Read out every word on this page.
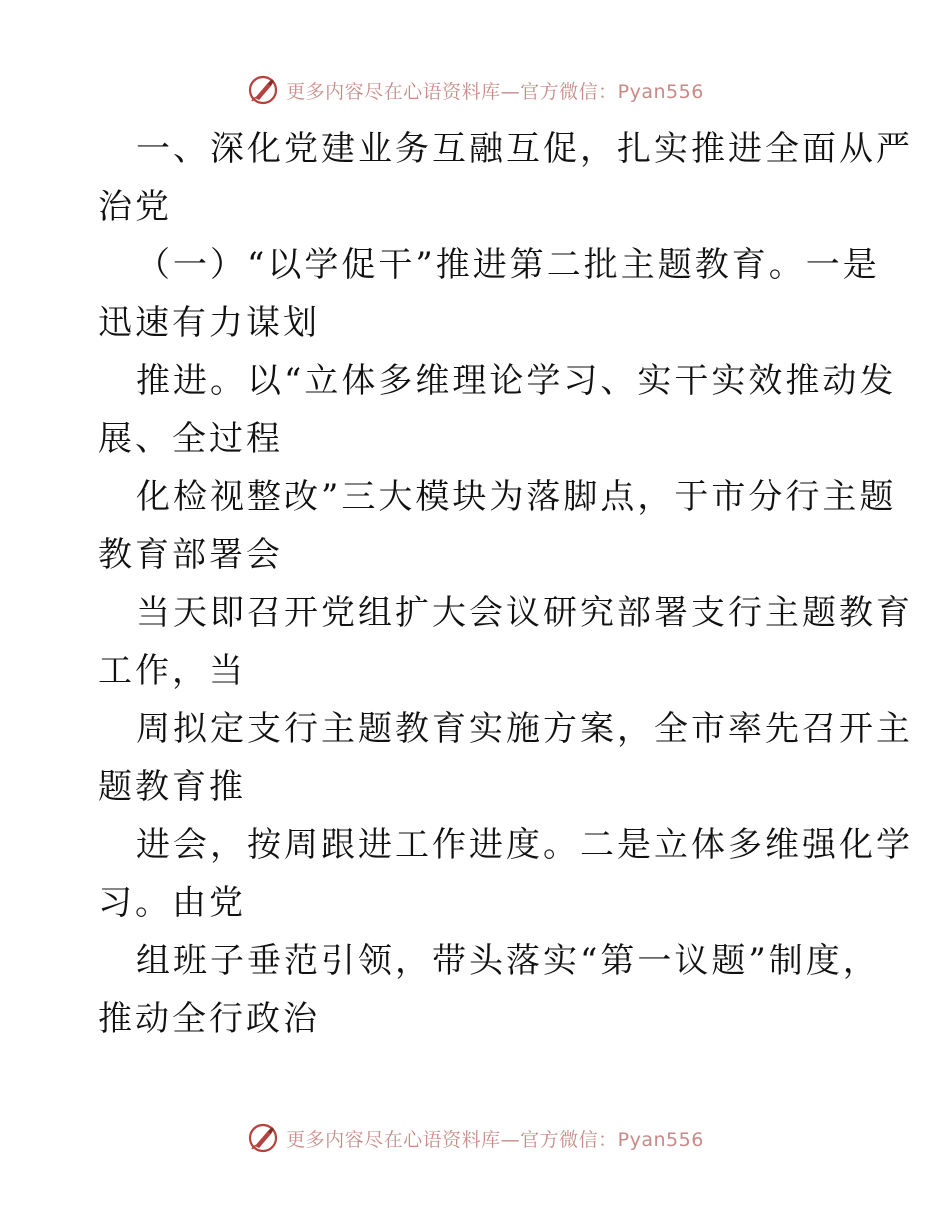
更多内容尽在心语资料库—官方微信：Pyan556
一、深化党建业务互融互促，扎实推进全面从严
治党
（一）“以学促干”推进第二批主题教育。一是
迅速有力谋划
推进。以“立体多维理论学习、实干实效推动发
展、全过程
化检视整改”三大模块为落脚点，于市分行主题
教育部署会
当天即召开党组扩大会议研究部署支行主题教育
工作，当
周拟定支行主题教育实施方案，全市率先召开主
题教育推
进会，按周跟进工作进度。二是立体多维强化学
习。由党
组班子垂范引领，带头落实“第一议题”制度，
推动全行政治
更多内容尽在心语资料库—官方微信：Pyan556
